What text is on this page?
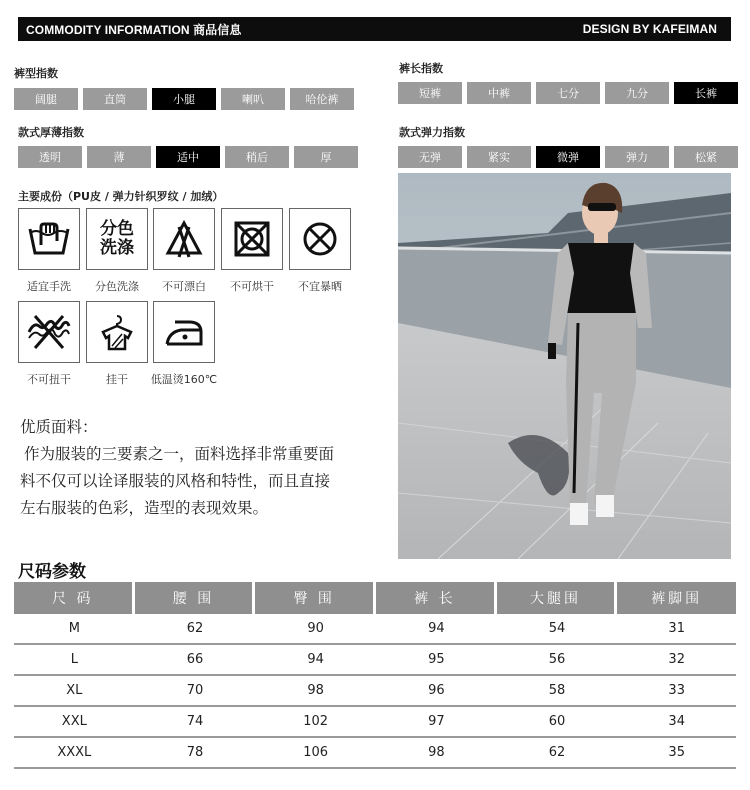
COMMODITY INFORMATION 商品信息	DESIGN BY KAFEIMAN
裤型指数
阔腿	直筒	小腿	喇叭	哈伦裤
裤长指数
短裤	中裤	七分	九分	长裤
款式厚薄指数
透明	薄	适中	稍后	厚
款式弹力指数
无弹	紧实	微弹	弹力	松紧
主要成份（PU皮 / 弹力针织罗纹 / 加绒）
适宜手洗
分色
洗涤
分色洗涤	不可漂白	不可烘干	不宜暴晒
不可扭干	挂干	低温烫160℃
优质面料：
作为服装的三要素之一，面料选择非常重要面
料不仅可以诠译服装的风格和特性，而且直接
左右服装的色彩，造型的表现效果。
尺码参数
尺 码	腰 围	臀 围	裤 长	大腿围	裤脚围
M	62	90	94	54	31
L	66	94	95	56	32
XL	70	98	96	58	33
XXL	74	102	97	60	34
XXXL	78	106	98	62	35
